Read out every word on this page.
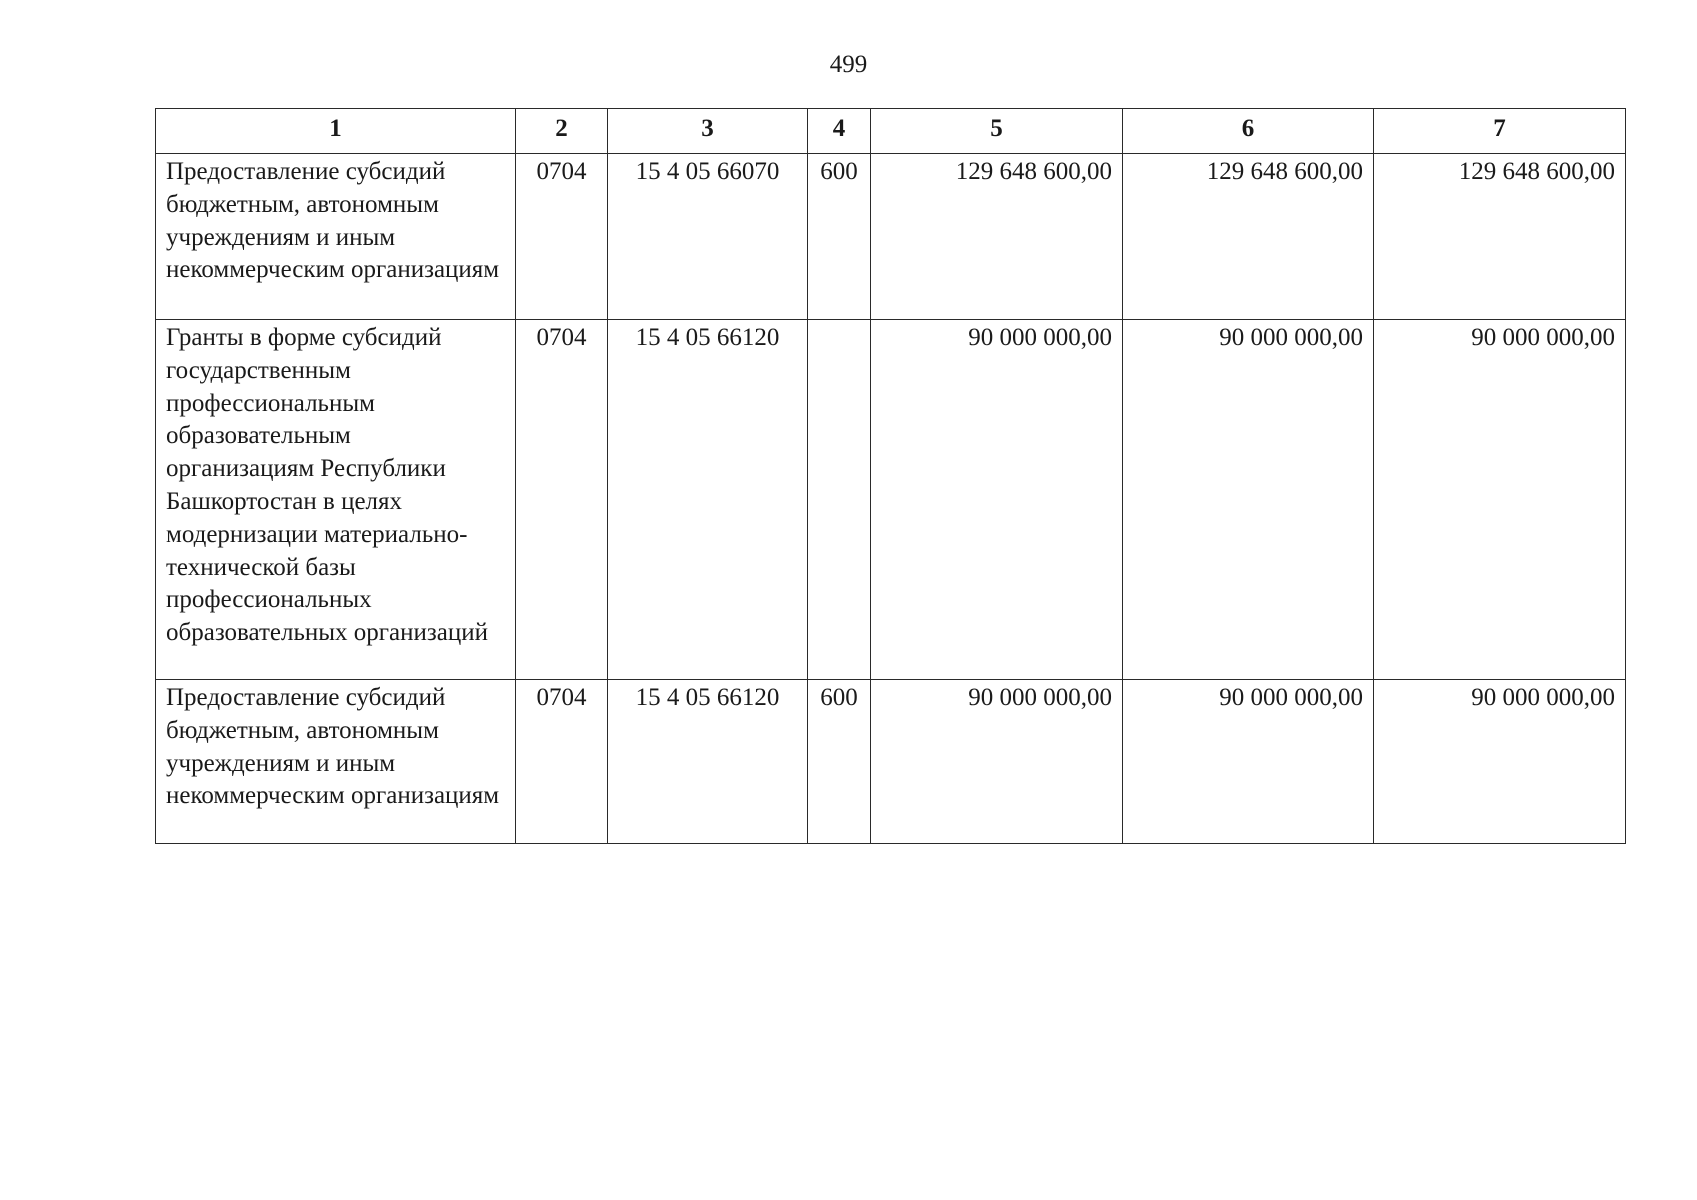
499
1	2	3	4	5	6	7
Предоставление субсидий бюджетным, автономным учреждениям и иным некоммерческим организациям	0704	15 4 05 66070	600	129 648 600,00	129 648 600,00	129 648 600,00
Гранты в форме субсидий государственным профессиональным образовательным организациям Республики Башкортостан в целях модернизации материально-технической базы профессиональных образовательных организаций	0704	15 4 05 66120		90 000 000,00	90 000 000,00	90 000 000,00
Предоставление субсидий бюджетным, автономным учреждениям и иным некоммерческим организациям	0704	15 4 05 66120	600	90 000 000,00	90 000 000,00	90 000 000,00
